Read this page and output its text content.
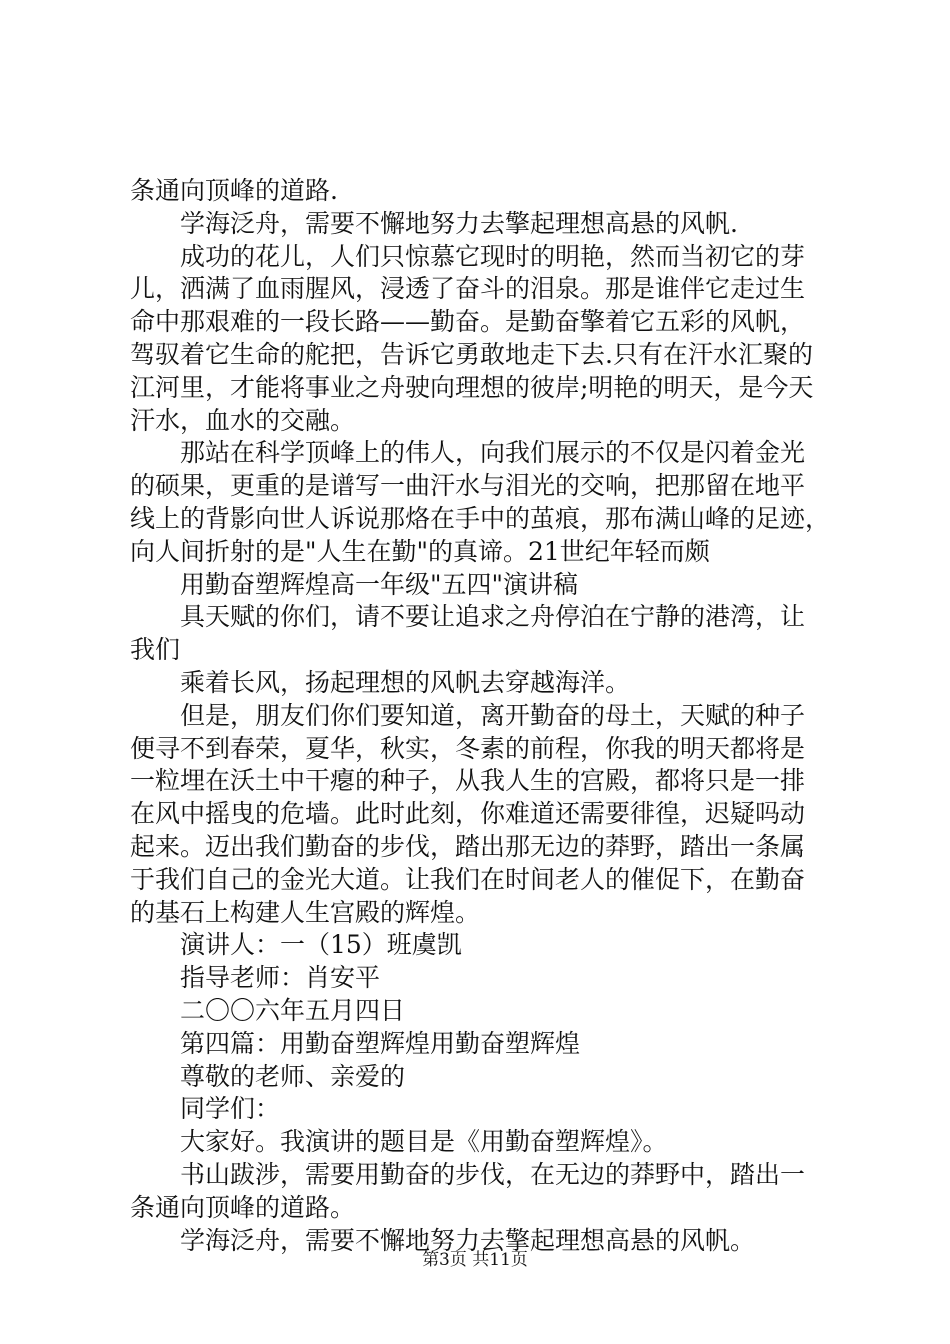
条通向顶峰的道路.
学海泛舟，需要不懈地努力去擎起理想高悬的风帆.
成功的花儿，人们只惊慕它现时的明艳，然而当初它的芽
儿，洒满了血雨腥风，浸透了奋斗的泪泉。那是谁伴它走过生
命中那艰难的一段长路——勤奋。是勤奋擎着它五彩的风帆，
驾驭着它生命的舵把，告诉它勇敢地走下去.只有在汗水汇聚的
江河里，才能将事业之舟驶向理想的彼岸;明艳的明天，是今天
汗水，血水的交融。
那站在科学顶峰上的伟人，向我们展示的不仅是闪着金光
的硕果，更重的是谱写一曲汗水与泪光的交响，把那留在地平
线上的背影向世人诉说那烙在手中的茧痕，那布满山峰的足迹，
向人间折射的是"人生在勤"的真谛。21世纪年轻而颇
用勤奋塑辉煌高一年级"五四"演讲稿
具天赋的你们，请不要让追求之舟停泊在宁静的港湾，让
我们
乘着长风，扬起理想的风帆去穿越海洋。
但是，朋友们你们要知道，离开勤奋的母土，天赋的种子
便寻不到春荣，夏华，秋实，冬素的前程，你我的明天都将是
一粒埋在沃土中干瘪的种子，从我人生的宫殿，都将只是一排
在风中摇曳的危墙。此时此刻，你难道还需要徘徨，迟疑吗动
起来。迈出我们勤奋的步伐，踏出那无边的莽野，踏出一条属
于我们自己的金光大道。让我们在时间老人的催促下，在勤奋
的基石上构建人生宫殿的辉煌。
演讲人：一（15）班虞凯
指导老师：肖安平
二〇〇六年五月四日
第四篇：用勤奋塑辉煌用勤奋塑辉煌
尊敬的老师、亲爱的
同学们：
大家好。我演讲的题目是《用勤奋塑辉煌》。
书山跋涉，需要用勤奋的步伐，在无边的莽野中，踏出一
条通向顶峰的道路。
学海泛舟，需要不懈地努力去擎起理想高悬的风帆。
第3页 共11页
